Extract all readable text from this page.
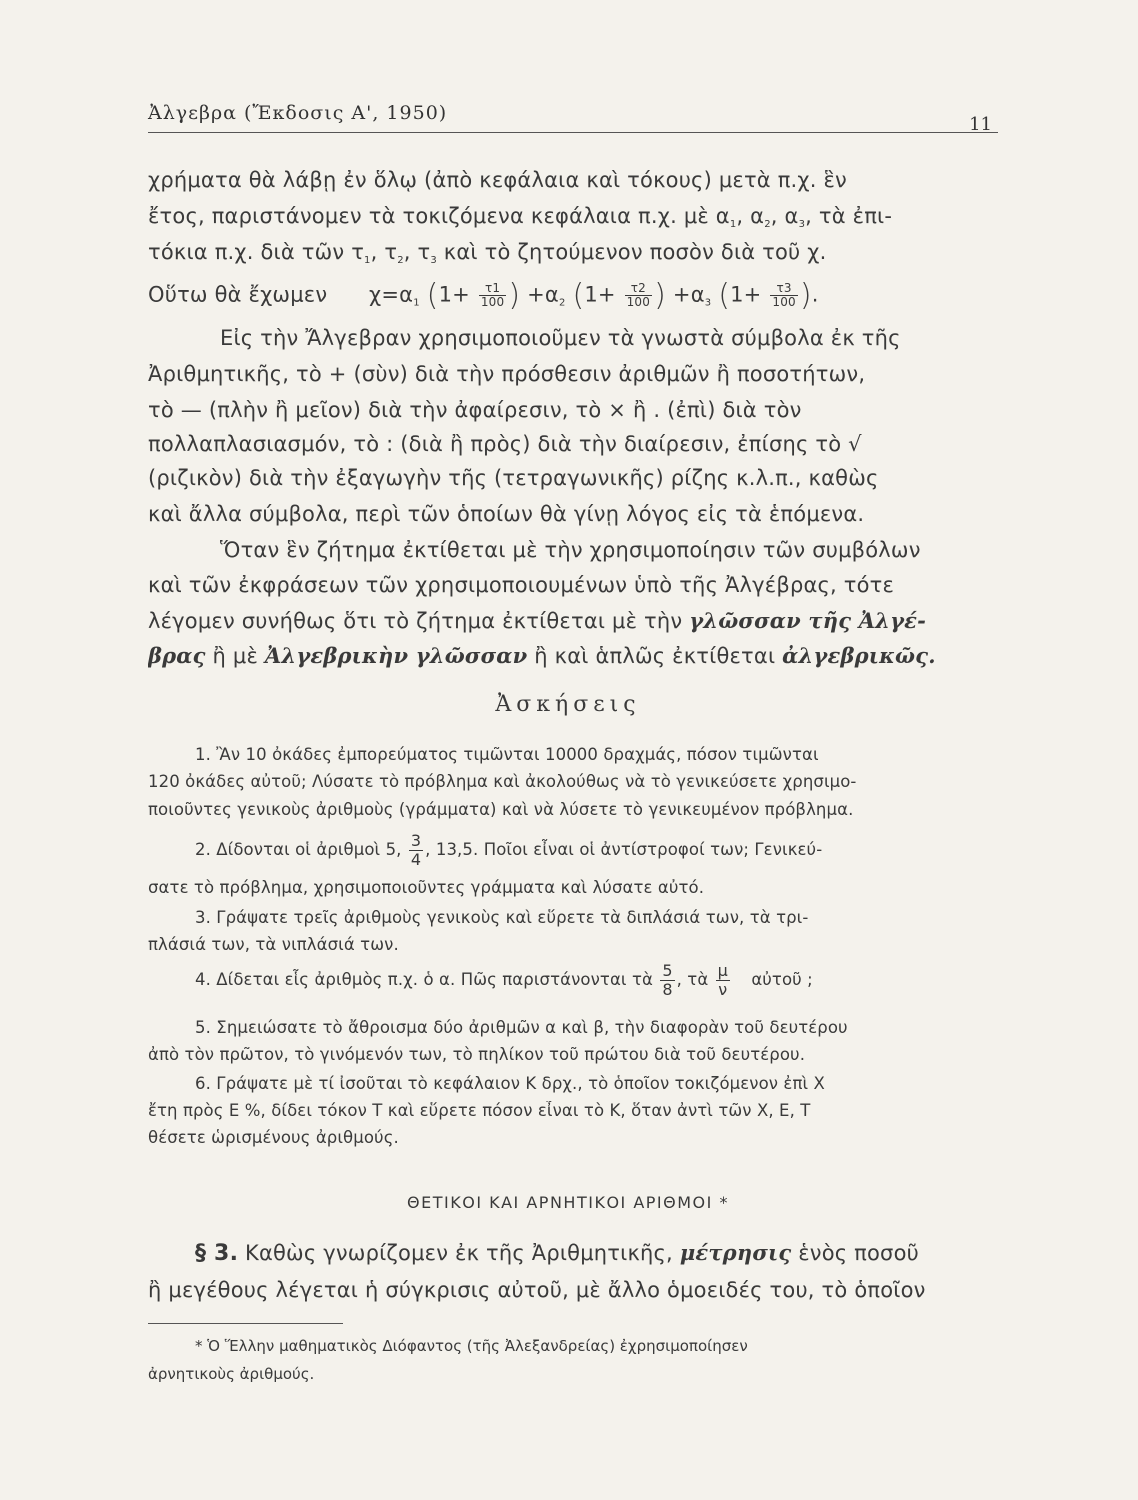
Ἀλγεβρα (Ἔκδοσις Α', 1950)
11
χρήματα θὰ λάβῃ ἐν ὅλῳ (ἀπὸ κεφάλαια καὶ τόκους) μετὰ π.χ. ἓν
ἔτος, παριστάνομεν τὰ τοκιζόμενα κεφάλαια π.χ. μὲ $\alpha_1$, $\alpha_2$, $\alpha_3$, τὰ ἐπι-
τόκια π.χ. διὰ τῶν $\tau_1$, $\tau_2$, $\tau_3$ καὶ τὸ ζητούμενον ποσὸν διὰ τοῦ χ.
Οὕτω θὰ ἔχωμεν $\chi=\alpha_1$ ($1+ \frac{\tau 1}{100}$ ) $+\alpha_2$ ($1+ \frac{\tau 2}{100}$ ) $+\alpha_3$ ($1+ \frac{\tau 3}{100}$ ).
Εἰς τὴν Ἄλγεβραν χρησιμοποιοῦμεν τὰ γνωστὰ σύμβολα ἐκ τῆς
Ἀριθμητικῆς, τὸ + (σὺν) διὰ τὴν πρόσθεσιν ἀριθμῶν ἢ ποσοτήτων,
τὸ — (πλὴν ἢ μεῖον) διὰ τὴν ἀφαίρεσιν, τὸ × ἢ . (ἐπὶ) διὰ τὸν
πολλαπλασιασμόν, τὸ : (διὰ ἢ πρὸς) διὰ τὴν διαίρεσιν, ἐπίσης τὸ √
(ριζικὸν) διὰ τὴν ἐξαγωγὴν τῆς (τετραγωνικῆς) ρίζης κ.λ.π., καθὼς
καὶ ἄλλα σύμβολα, περὶ τῶν ὁποίων θὰ γίνῃ λόγος εἰς τὰ ἑπόμενα.
Ὅταν ἓν ζήτημα ἐκτίθεται μὲ τὴν χρησιμοποίησιν τῶν συμβόλων
καὶ τῶν ἐκφράσεων τῶν χρησιμοποιουμένων ὑπὸ τῆς Ἀλγέβρας, τότε
λέγομεν συνήθως ὅτι τὸ ζήτημα ἐκτίθεται μὲ τὴν γλῶσσαν τῆς Ἀλγέ-
βρας ἢ μὲ Ἀλγεβρικὴν γλῶσσαν ἢ καὶ ἁπλῶς ἐκτίθεται ἀλγεβρικῶς.
Ἀσκήσεις
1. Ἂν 10 ὀκάδες ἐμπορεύματος τιμῶνται 10000 δραχμάς, πόσον τιμῶνται
120 ὀκάδες αὐτοῦ; Λύσατε τὸ πρόβλημα καὶ ἀκολούθως νὰ τὸ γενικεύσετε χρησιμο-
ποιοῦντες γενικοὺς ἀριθμοὺς (γράμματα) καὶ νὰ λύσετε τὸ γενικευμένον πρόβλημα.
2. Δίδονται οἱ ἀριθμοὶ 5, $\frac{3}{4}$ , 13,5. Ποῖοι εἶναι οἱ ἀντίστροφοί των; Γενικεύ-
σατε τὸ πρόβλημα, χρησιμοποιοῦντες γράμματα καὶ λύσατε αὐτό.
3. Γράψατε τρεῖς ἀριθμοὺς γενικοὺς καὶ εὕρετε τὰ διπλάσιά των, τὰ τρι-
πλάσιά των, τὰ νιπλάσιά των.
4. Δίδεται εἷς ἀριθμὸς π.χ. ὁ α. Πῶς παριστάνονται τὰ $\frac{5}{8}$ , τὰ $\frac{\mu}{\nu}$ αὐτοῦ ;
5. Σημειώσατε τὸ ἄθροισμα δύο ἀριθμῶν α καὶ β, τὴν διαφορὰν τοῦ δευτέρου
ἀπὸ τὸν πρῶτον, τὸ γινόμενόν των, τὸ πηλίκον τοῦ πρώτου διὰ τοῦ δευτέρου.
6. Γράψατε μὲ τί ἰσοῦται τὸ κεφάλαιον Κ δρχ., τὸ ὁποῖον τοκιζόμενον ἐπὶ Χ
ἔτη πρὸς Ε %, δίδει τόκον Τ καὶ εὕρετε πόσον εἶναι τὸ Κ, ὅταν ἀντὶ τῶν Χ, Ε, Τ
θέσετε ὡρισμένους ἀριθμούς.
ΘΕΤΙΚΟΙ ΚΑΙ ΑΡΝΗΤΙΚΟΙ ΑΡΙΘΜΟΙ *
§ 3. Καθὼς γνωρίζομεν ἐκ τῆς Ἀριθμητικῆς, μέτρησις ἑνὸς ποσοῦ
ἢ μεγέθους λέγεται ἡ σύγκρισις αὐτοῦ, μὲ ἄλλο ὁμοειδές του, τὸ ὁποῖον
* Ὁ Ἕλλην μαθηματικὸς Διόφαντος (τῆς Ἀλεξανδρείας) ἐχρησιμοποίησεν
ἀρνητικοὺς ἀριθμούς.
